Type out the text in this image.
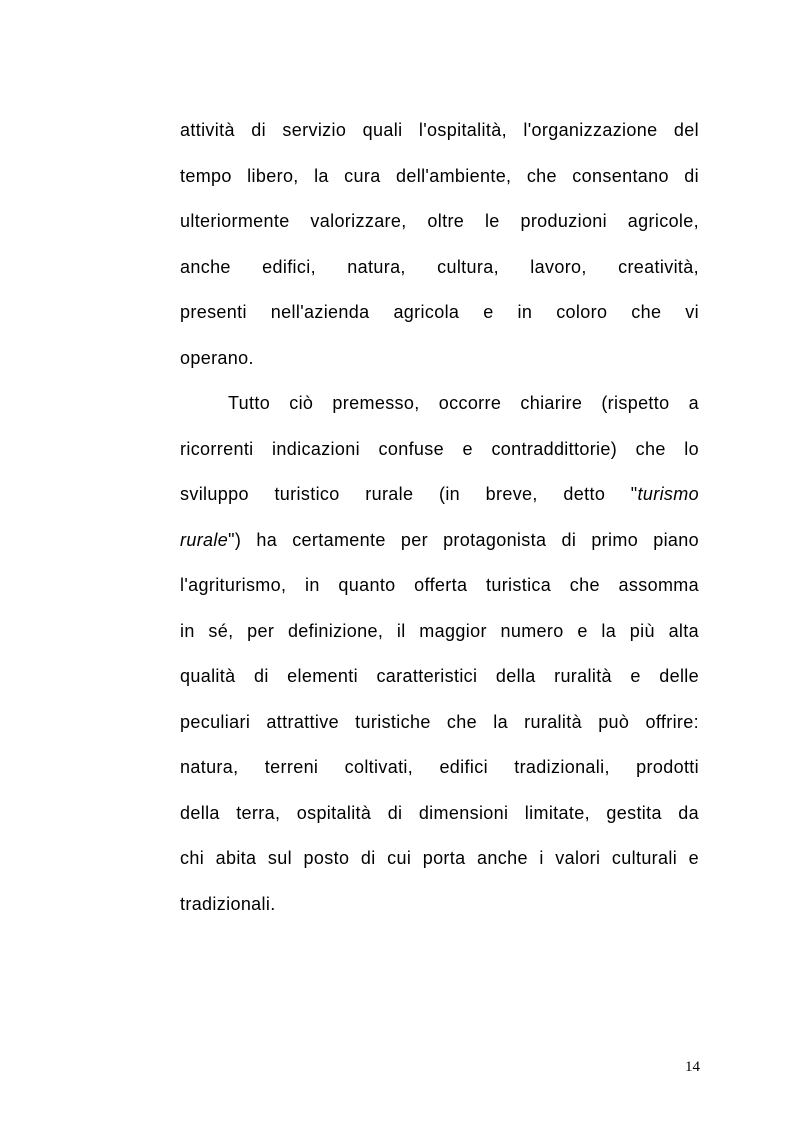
attività di servizio quali l'ospitalità, l'organizzazione del
tempo libero, la cura dell'ambiente, che consentano di
ulteriormente valorizzare, oltre le produzioni agricole,
anche edifici, natura, cultura, lavoro, creatività,
presenti nell'azienda agricola e in coloro che vi
operano.
Tutto ciò premesso, occorre chiarire (rispetto a
ricorrenti indicazioni confuse e contraddittorie) che lo
sviluppo turistico rurale (in breve, detto "turismo
rurale") ha certamente per protagonista di primo piano
l'agriturismo, in quanto offerta turistica che assomma
in sé, per definizione, il maggior numero e la più alta
qualità di elementi caratteristici della ruralità e delle
peculiari attrattive turistiche che la ruralità può offrire:
natura, terreni coltivati, edifici tradizionali, prodotti
della terra, ospitalità di dimensioni limitate, gestita da
chi abita sul posto di cui porta anche i valori culturali e
tradizionali.
14
